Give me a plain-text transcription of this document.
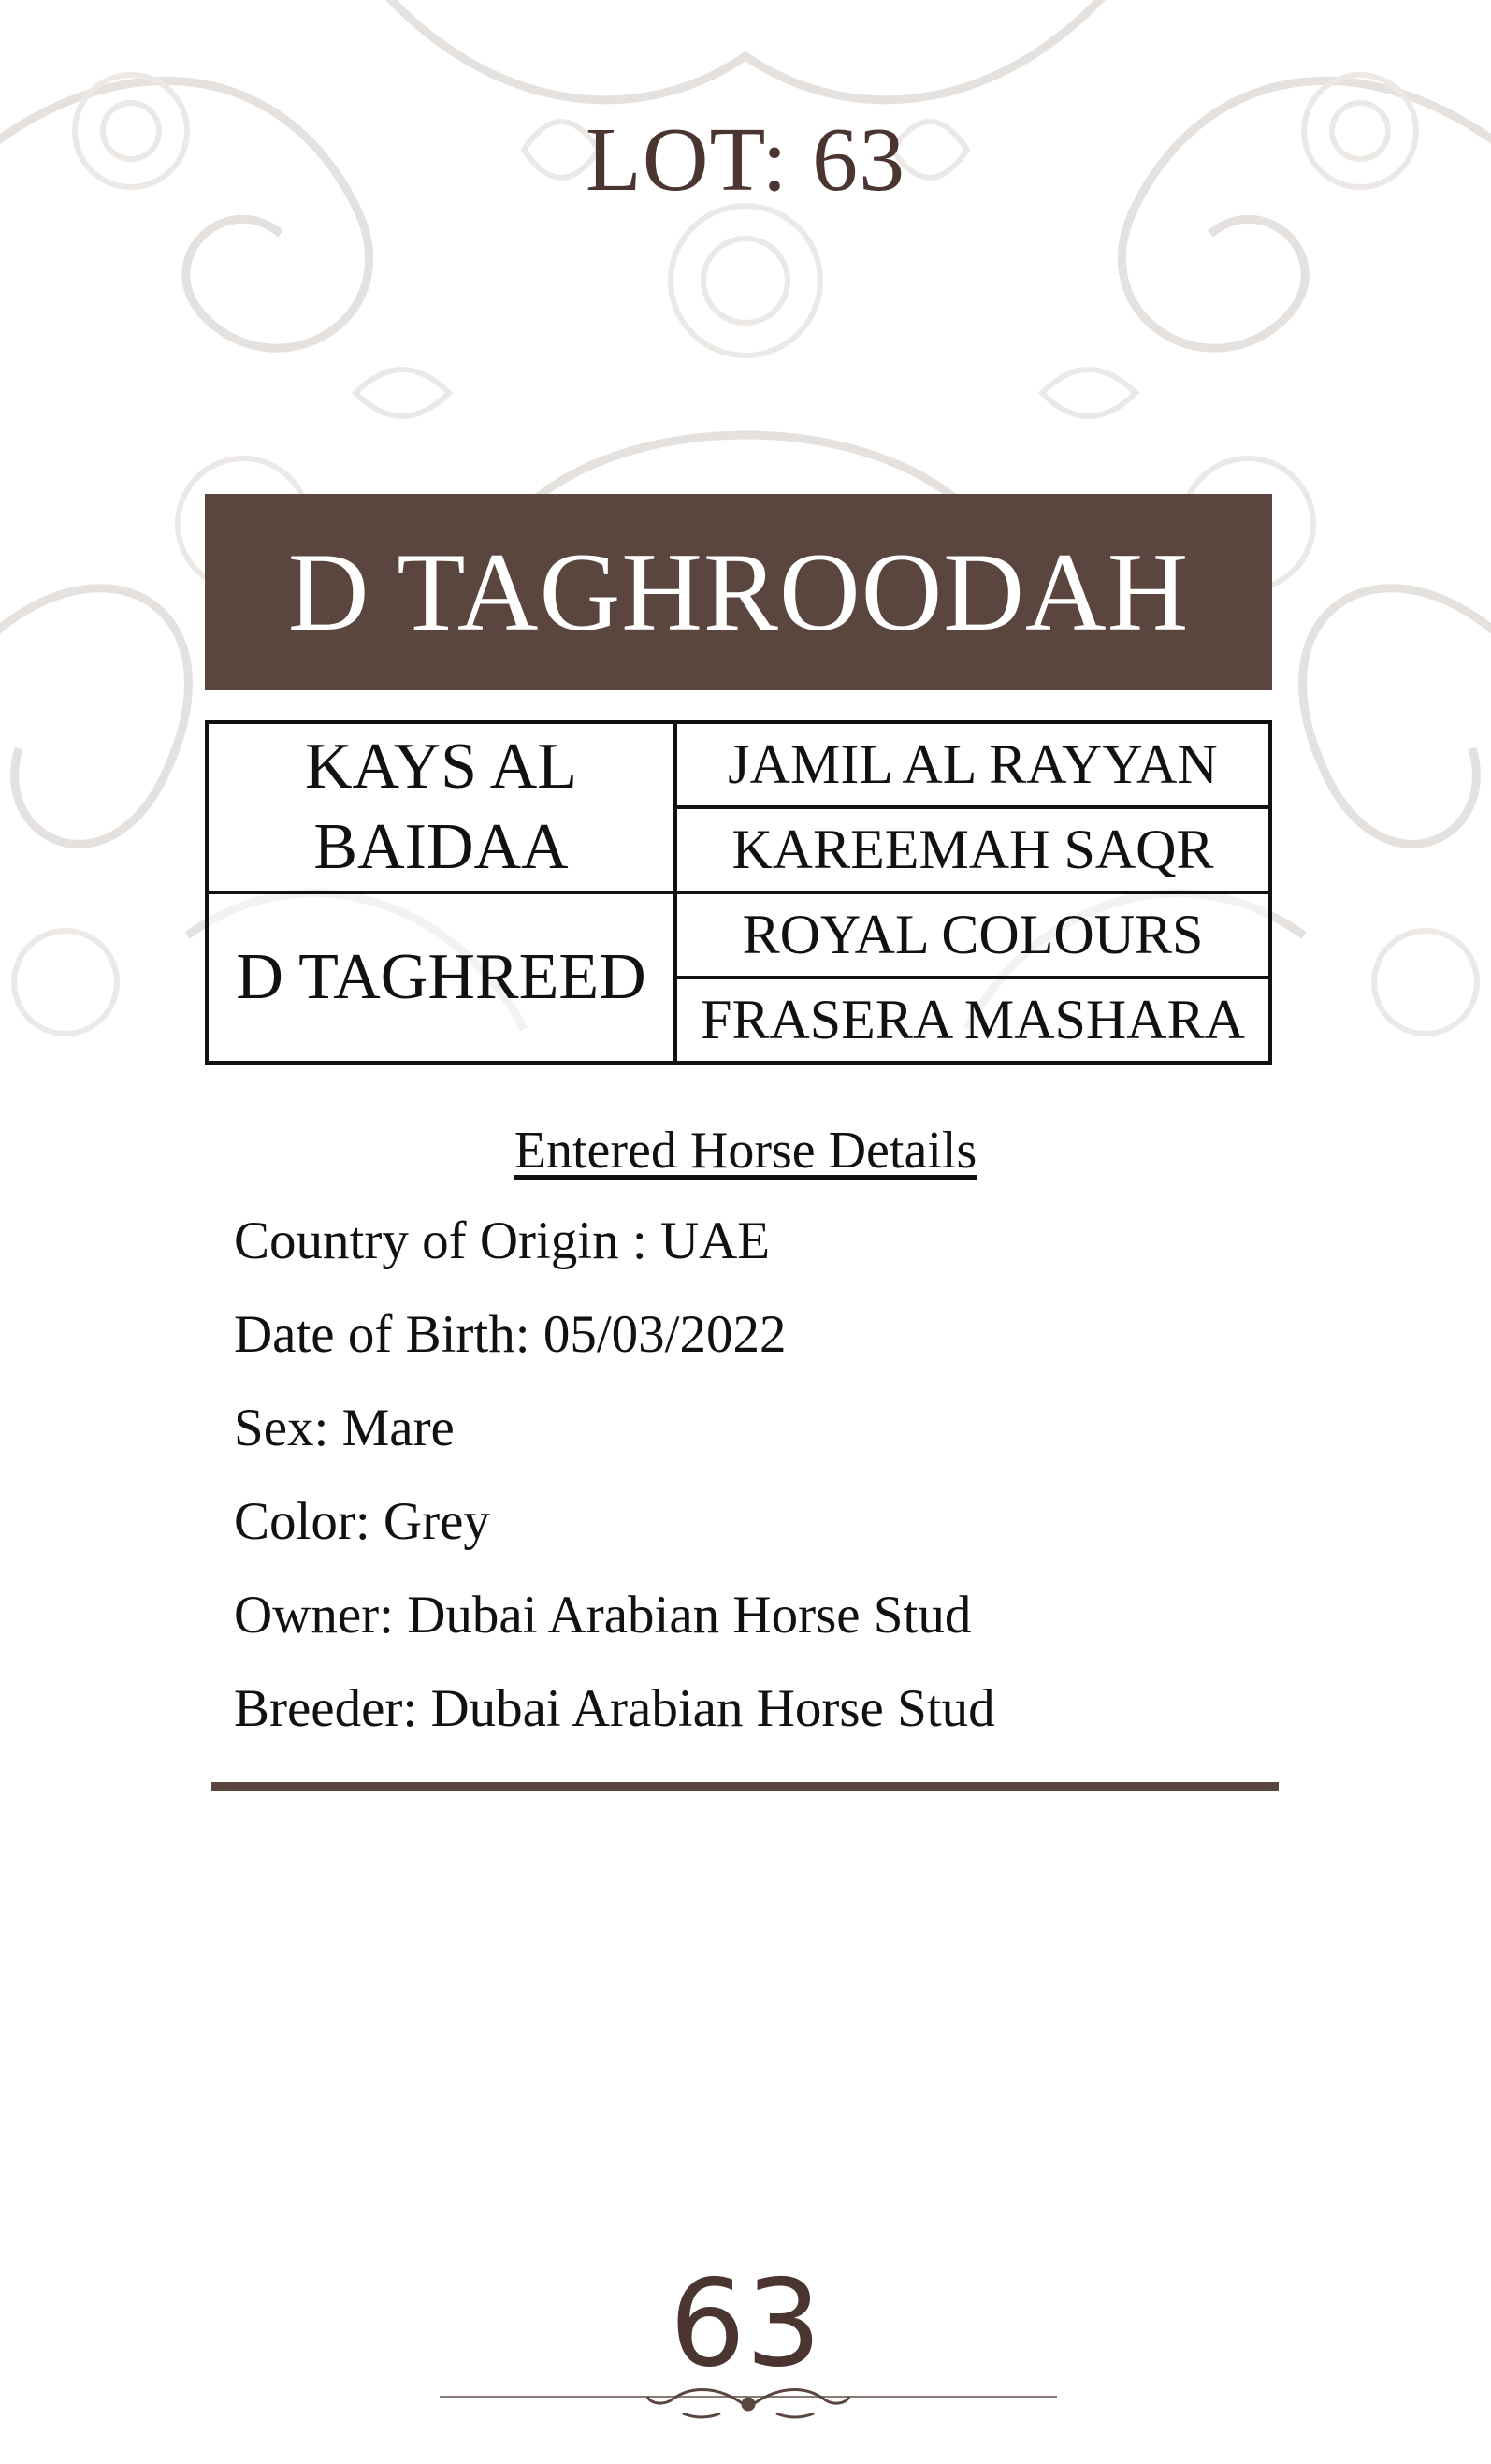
LOT: 63
D TAGHROODAH
KAYS AL BAIDAA	JAMIL AL RAYYAN
	KAREEMAH SAQR
D TAGHREED	ROYAL COLOURS
	FRASERA MASHARA
Entered Horse Details
Country of Origin : UAE
Date of Birth: 05/03/2022
Sex: Mare
Color: Grey
Owner: Dubai Arabian Horse Stud
Breeder: Dubai Arabian Horse Stud
63
